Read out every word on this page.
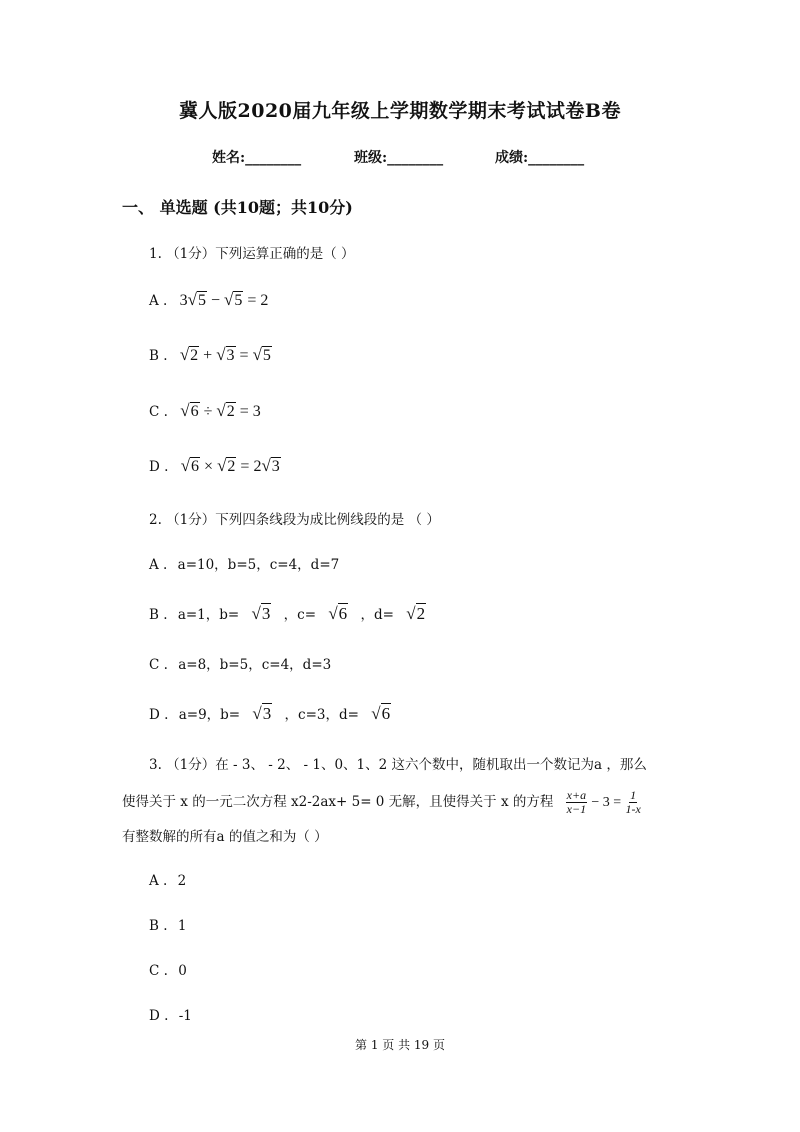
冀人版2020届九年级上学期数学期末考试试卷B卷
姓名:________	班级:________	成绩:________
一、 单选题 (共10题；共10分)
1. （1分）下列运算正确的是（ ）
A . 3√5 − √5 = 2
B . √2 + √3 = √5
C . √6 ÷ √2 = 3
D . √6 × √2 = 2√3
2. （1分）下列四条线段为成比例线段的是 （ ）
A . a=10，b=5，c=4，d=7
B . a=1，b= √3 ，c= √6 ，d= √2
C . a=8，b=5，c=4，d=3
D . a=9，b= √3 ，c=3，d= √6
3. （1分）在 - 3、 - 2、 - 1、0、1、2 这六个数中，随机取出一个数记为a ，那么
使得关于 x 的一元二次方程 x2-2ax+ 5= 0 无解，且使得关于 x 的方程 $\frac{x+a}{x-1} - 3 = \frac{1}{1-x}$
有整数解的所有a 的值之和为（ ）
A . 2
B . 1
C . 0
D . -1
第 1 页 共 19 页
